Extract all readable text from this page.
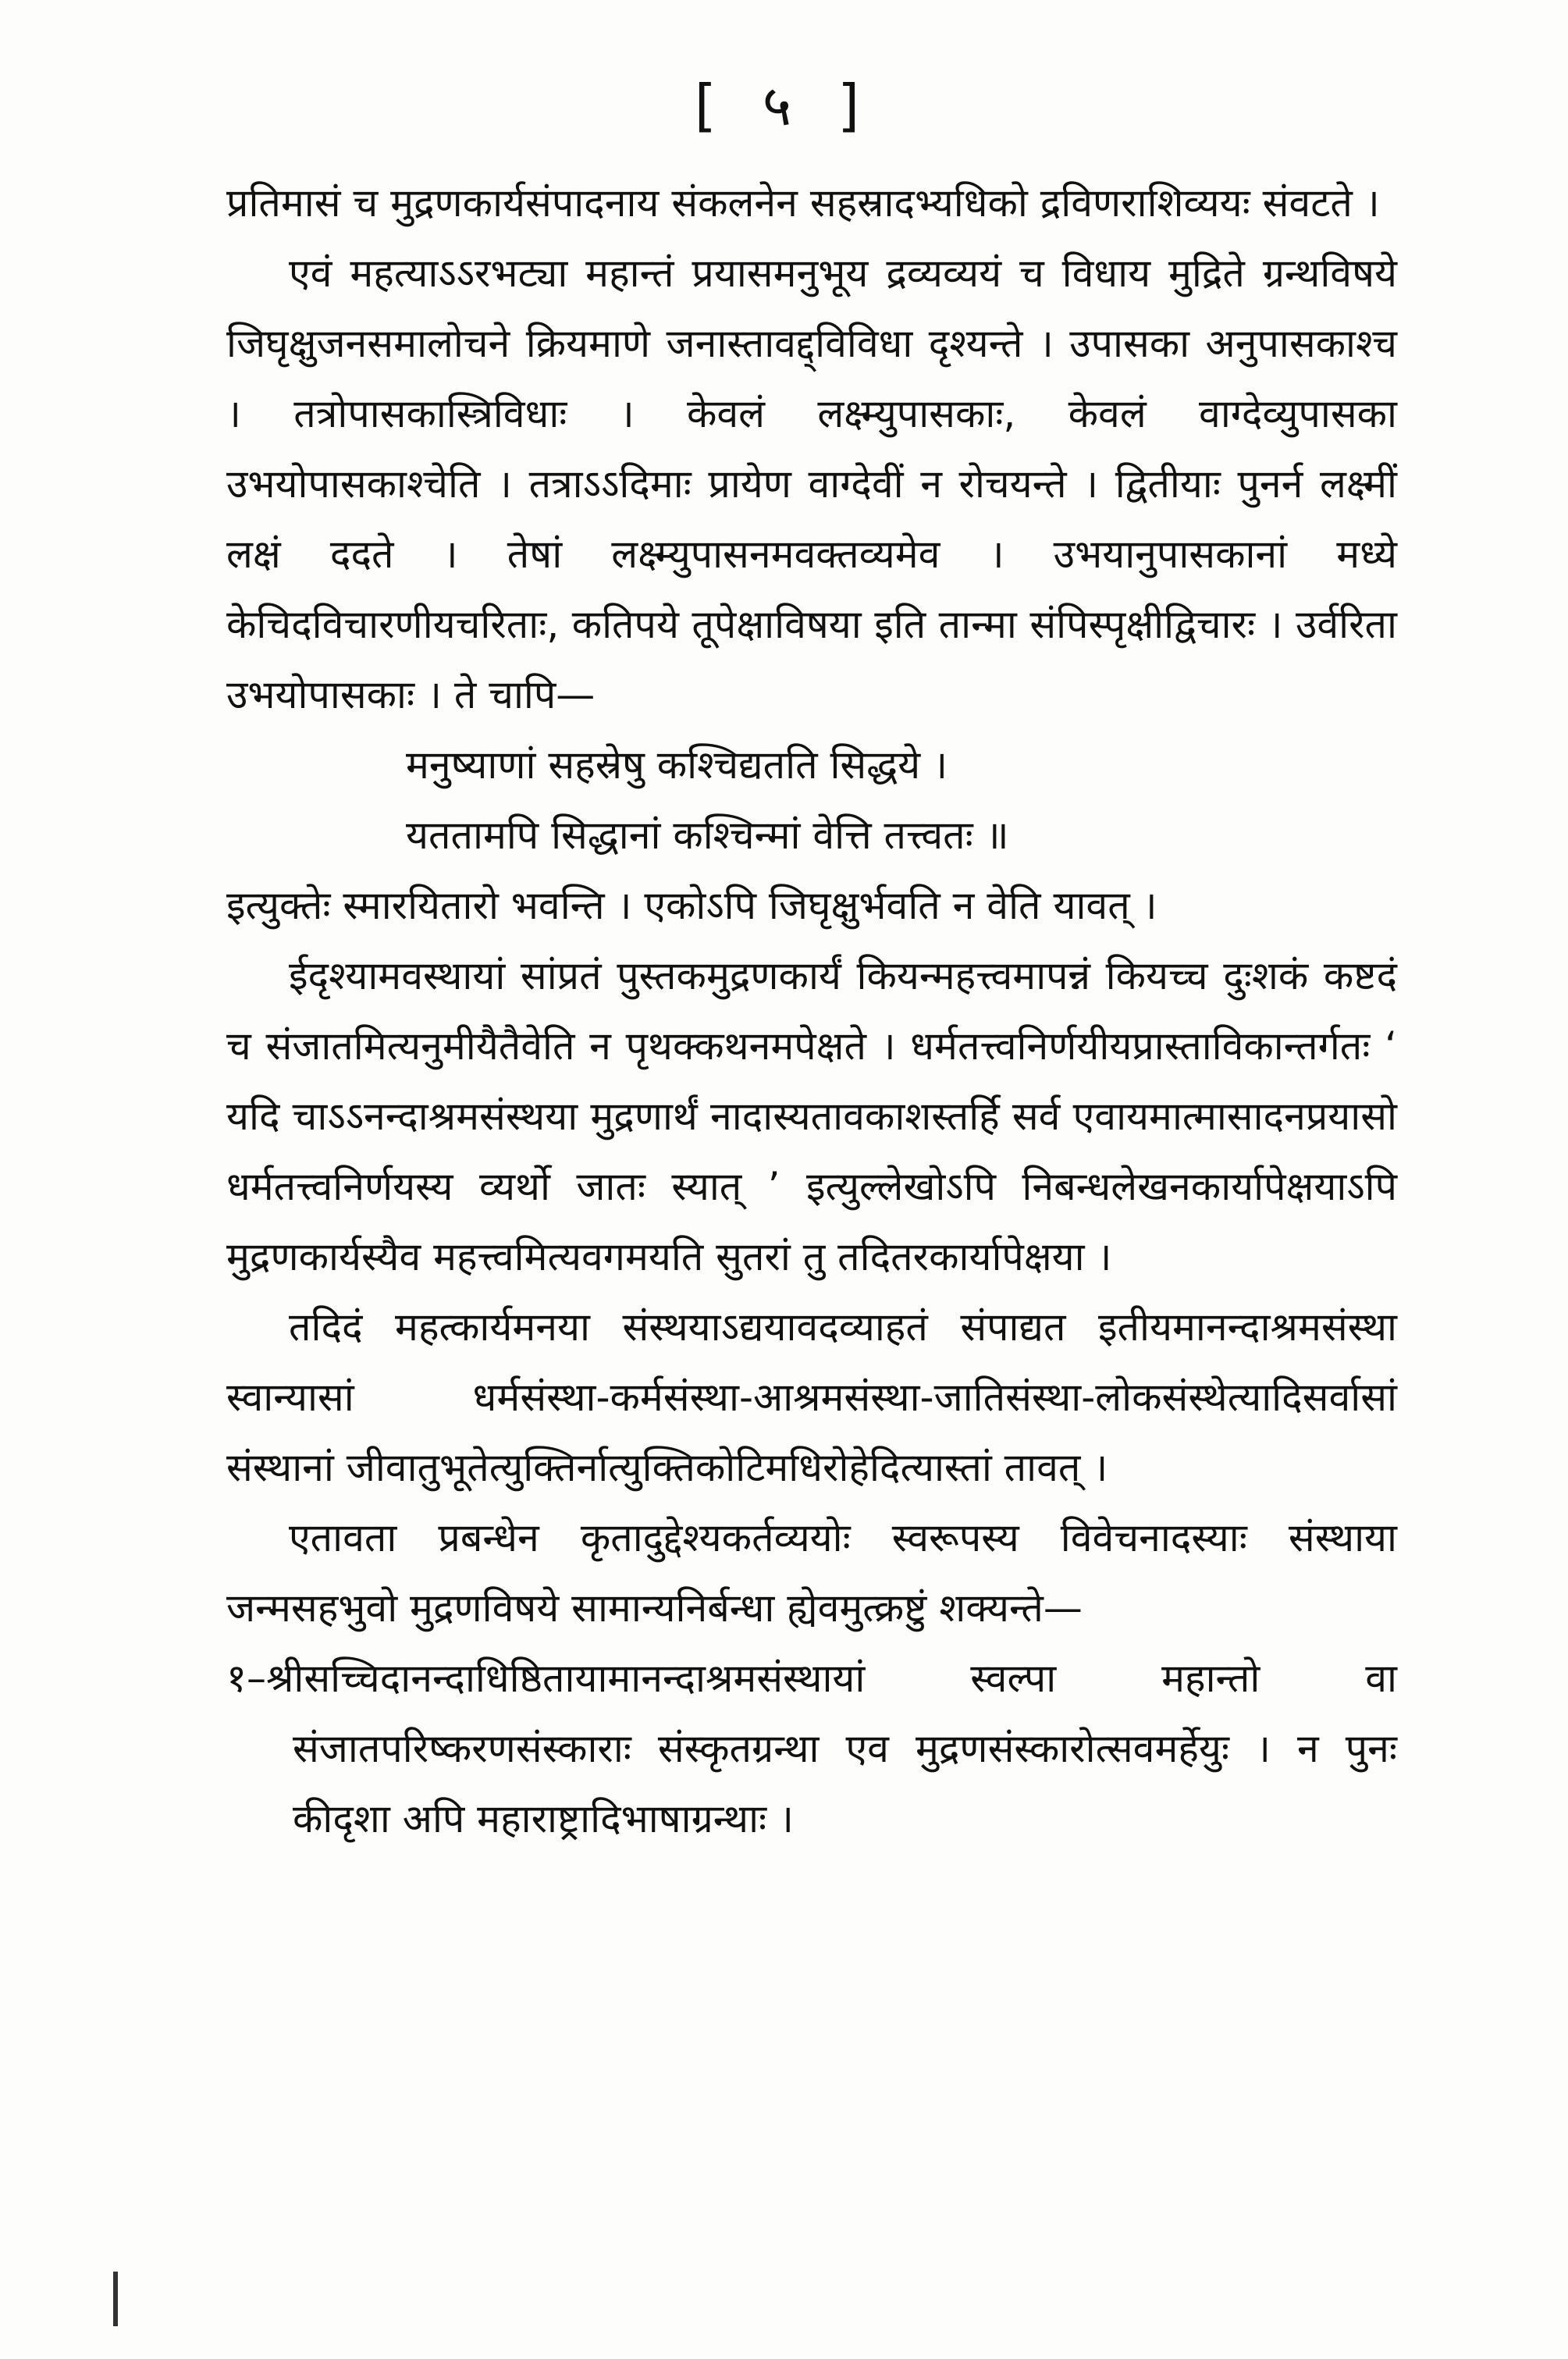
[ ५ ]

प्रतिमासं च मुद्रणकार्यसंपादनाय संकलनेन सहस्रादभ्यधिको द्रविणराशिव्ययः संवटते ।

एवं महत्याऽऽरभट्या महान्तं प्रयासमनुभूय द्रव्यव्ययं च विधाय मुद्रिते ग्रन्थविषये जिघृक्षुजनसमालोचने क्रियमाणे जनास्तावद्द्विविधा दृश्यन्ते । उपासका अनुपासकाश्च । तत्रोपासकास्त्रिविधाः । केवलं लक्ष्म्युपासकाः, केवलं वाग्देव्युपासका उभयोपासकाश्चेति । तत्राऽऽदिमाः प्रायेण वाग्देवीं न रोचयन्ते । द्वितीयाः पुनर्न लक्ष्मीं लक्षं ददते । तेषां लक्ष्म्युपासनमवक्तव्यमेव । उभयानुपासकानां मध्ये केचिदविचारणीयचरिताः, कतिपये तूपेक्षाविषया इति तान्मा संपिस्पृक्षीद्विचारः । उर्वरिता उभयोपासकाः । ते चापि—

मनुष्याणां सहस्रेषु कश्चिद्यतति सिद्धये ।

यततामपि सिद्धानां कश्चिन्मां वेत्ति तत्त्वतः ॥

इत्युक्तेः स्मारयितारो भवन्ति । एकोऽपि जिघृक्षुर्भवति न वेति यावत् ।

ईदृश्यामवस्थायां सांप्रतं पुस्तकमुद्रणकार्यं कियन्महत्त्वमापन्नं कियच्च दुःशकं कष्टदं च संजातमित्यनुमीयैतैवेति न पृथक्कथनमपेक्षते । धर्मतत्त्वनिर्णयीयप्रास्ताविकान्तर्गतः ‘ यदि चाऽऽनन्दाश्रमसंस्थया मुद्रणार्थं नादास्यतावकाशस्तर्हि सर्व एवायमात्मासादनप्रयासो धर्मतत्त्वनिर्णयस्य व्यर्थो जातः स्यात् ’ इत्युल्लेखोऽपि निबन्धलेखनकार्यापेक्षयाऽपि मुद्रणकार्यस्यैव महत्त्वमित्यवगमयति सुतरां तु तदितरकार्यापेक्षया ।

तदिदं महत्कार्यमनया संस्थयाऽद्ययावदव्याहतं संपाद्यत इतीयमानन्दाश्रमसंस्था स्वान्यासां धर्मसंस्था-कर्मसंस्था-आश्रमसंस्था-जातिसंस्था-लोकसंस्थेत्यादिसर्वासां संस्थानां जीवातुभूतेत्युक्तिर्नात्युक्तिकोटिमधिरोहेदित्यास्तां तावत् ।

एतावता प्रबन्धेन कृतादुद्देश्यकर्तव्ययोः स्वरूपस्य विवेचनादस्याः संस्थाया जन्मसहभुवो मुद्रणविषये सामान्यनिर्बन्धा ह्येवमुत्क्रष्टुं शक्यन्ते—

१–श्रीसच्चिदानन्दाधिष्ठितायामानन्दाश्रमसंस्थायां स्वल्पा महान्तो वा संजातपरिष्करणसंस्काराः संस्कृतग्रन्था एव मुद्रणसंस्कारोत्सवमर्हेयुः । न पुनः कीदृशा अपि महाराष्ट्रादिभाषाग्रन्थाः ।
